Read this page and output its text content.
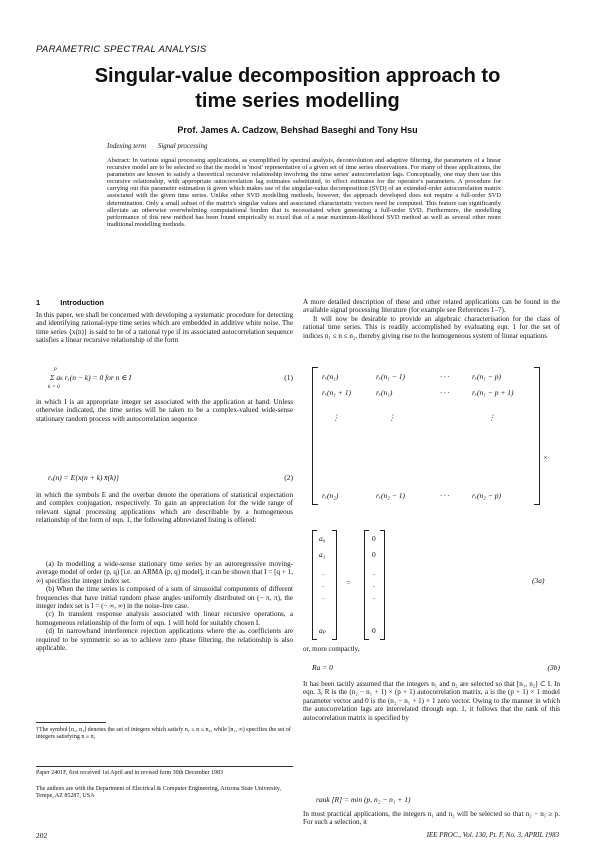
PARAMETRIC SPECTRAL ANALYSIS
Singular-value decomposition approach to
time series modelling
Prof. James A. Cadzow, Behshad Baseghi and Tony Hsu
Indexing term Signal processing
Abstract: In various signal processing applications, as exemplified by spectral analysis, deconvolution and adaptive filtering, the parameters of a linear recursive model are to be selected so that the model is 'most' representative of a given set of time series observations. For many of these applications, the parameters are known to satisfy a theoretical recursive relationship involving the time series' autocorrelation lags. Conceptually, one may then use this recursive relationship, with appropriate autocorrelation lag estimates substituted, to effect estimates for the operator's parameters. A procedure for carrying out this parameter estimation is given which makes use of the singular-value decomposition (SVD) of an extended-order autocorrelation matrix associated with the given time series. Unlike other SVD modelling methods, however, the approach developed does not require a full-order SVD determination. Only a small subset of the matrix's singular values and associated characteristic vectors need be computed. This feature can significantly alleviate an otherwise overwhelming computational burden that is necessitated when generating a full-order SVD. Furthermore, the modelling performance of this new method has been found empirically to excel that of a near maximum-likelihood SVD method as well as several other more traditional modelling methods.
1	Introduction

In this paper, we shall be concerned with developing a systematic procedure for detecting and identifying rational-type time series which are embedded in additive white noise. The time series {x(n)} is said to be of a rational type if its associated autocorrelation sequence satisfies a linear recursive relationship of the form

p
Σ aₖ rₓ(n − k) = 0 for n ∈ I
k = 0
(1)

in which I is an appropriate integer set associated with the application at hand. Unless otherwise indicated, the time series will be taken to be a complex-valued wide-sense stationary random process with autocorrelation sequence

rₓ(n) = E{x(n + k) x̄(k)}	(2)

in which the symbols E and the overbar denote the operations of statistical expectation and complex conjugation, respectively. To gain an appreciation for the wide range of relevant signal processing applications which are describable by a homogeneous relationship of the form of eqn. 1, the following abbreviated listing is offered:

(a) In modelling a wide-sense stationary time series by an autoregressive moving-average model of order (p, q) [i.e. an ARMA (p, q) model], it can be shown that I = [q + 1, ∞) specifies the integer index set.

(b) When the time series is composed of a sum of sinusoidal components of different frequencies that have initial random phase angles uniformly distributed on (− π, π), the integer index set is I = (− ∞, ∞) in the noise-free case.

(c) In transient response analysis associated with linear recursive operations, a homogeneous relationship of the form of eqn. 1 will hold for suitably chosen I.

(d) In narrowband interference rejection applications where the aₖ coefficients are required to be symmetric so as to achieve zero phase filtering, the relationship is also applicable.

†The symbol [n₁, n₂] denotes the set of integers which satisfy n₁ ≤ n ≤ n₂, while [n₁, ∞) specifies the set of integers satisfying n ≥ n₁
Paper 2401F, first received 1st April and in revised form 30th December 1983
The authors are with the Department of Electrical & Computer Engineering, Arizona State University, Tempe, AZ 85287, USA

A more detailed description of these and other related applications can be found in the available signal processing literature (for example see References 1–7).

It will now be desirable to provide an algebraic characterisation for the class of rational time series. This is readily accomplished by evaluating eqn. 1 for the set of indices n₁ ≤ n ≤ n₂, thereby giving rise to the homogeneous system of linear equations

rₓ(n₁)	rₓ(n₁ − 1)	· · ·	rₓ(n₁ − p)
rₓ(n₁ + 1)	rₓ(n₁)	· · ·	rₓ(n₁ − p + 1)
⋮	⋮	⋮
rₓ(n₂)	rₓ(n₂ − 1)	· · ·	rₓ(n₂ − p)
×
a₀
a₁
·
·
·
aₚ
=
0
0
·
·
·
0
(3a)
or, more compactly,
Ra = 0	(3b)

It has been tacitly assumed that the integers n₁ and n₂ are selected so that [n₁, n₂] ⊂ I. In eqn. 3, R is the (n₂ − n₁ + 1) × (p + 1) autocorrelation matrix, a is the (p + 1) × 1 model parameter vector and 0 is the (n₂ − n₁ + 1) × 1 zero vector. Owing to the manner in which the autocorrelation lags are interrelated through eqn. 1, it follows that the rank of this autocorrelation matrix is specified by

rank [R] = min (p, n₂ − n₁ + 1)

In most practical applications, the integers n₁ and n₂ will be selected so that n₂ − n₁ ≥ p. For such a selection, it

202	IEE PROC., Vol. 130, Pt. F, No. 3, APRIL 1983
